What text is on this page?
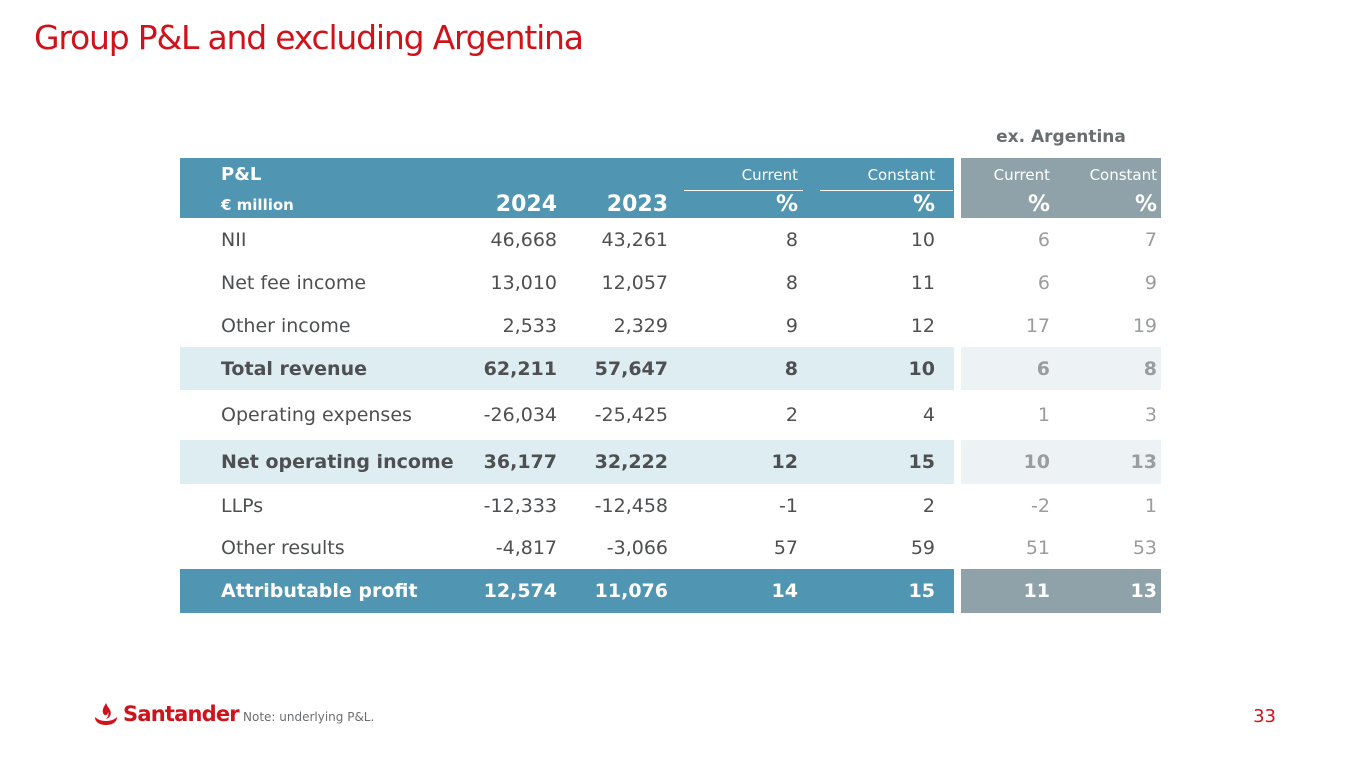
Group P&L and excluding Argentina
ex. Argentina
P&L
€ million	2024 2023
Current
%
Constant
%
Current
%
Constant
%
NII	46,668 43,261	8	10	6	7
Net fee income	13,010 12,057	8	11	6	9
Other income	2,533	2,329	9	12	17	19
Total revenue	62,211 57,647	8	10	6	8
Operating expenses	-26,034 -25,425	2	4	1	3
Net operating income 36,177 32,222	12	15	10	13
LLPs	-12,333 -12,458	-1	2	-2	1
Other results	-4,817	-3,066	57	59	51	53
Attributable profit	12,574 11,076	14	15	11	13
Santander Note: underlying P&L.	33
